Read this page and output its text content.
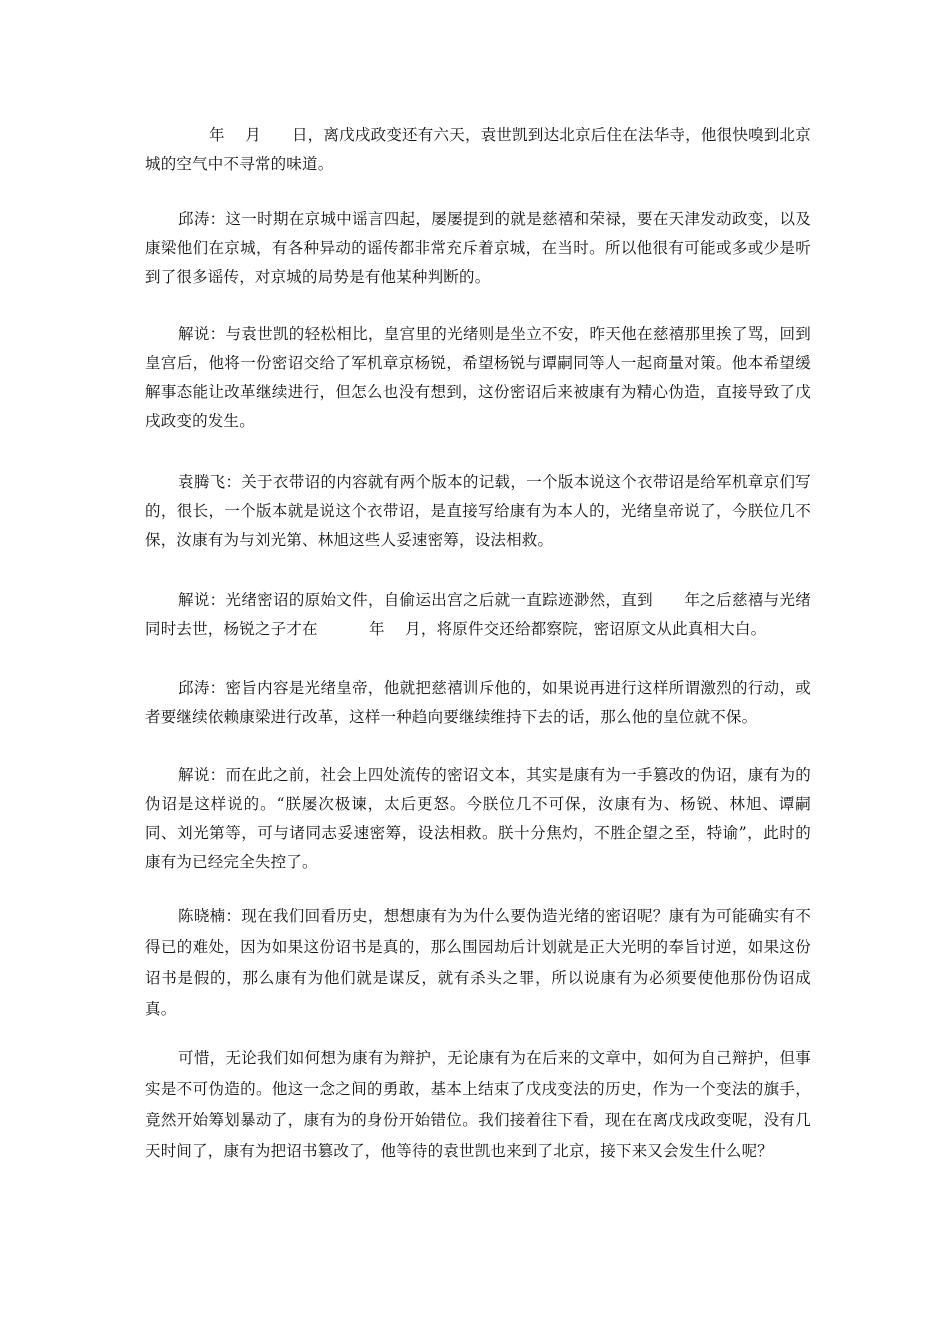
年    月      日，离戊戌政变还有六天，袁世凯到达北京后住在法华寺，他很快嗅到北京城的空气中不寻常的味道。

邱涛：这一时期在京城中谣言四起，屡屡提到的就是慈禧和荣禄，要在天津发动政变，以及康梁他们在京城，有各种异动的谣传都非常充斥着京城，在当时。所以他很有可能或多或少是听到了很多谣传，对京城的局势是有他某种判断的。

解说：与袁世凯的轻松相比，皇宫里的光绪则是坐立不安，昨天他在慈禧那里挨了骂，回到皇宫后，他将一份密诏交给了军机章京杨锐，希望杨锐与谭嗣同等人一起商量对策。他本希望缓解事态能让改革继续进行，但怎么也没有想到，这份密诏后来被康有为精心伪造，直接导致了戊戌政变的发生。

袁腾飞：关于衣带诏的内容就有两个版本的记载，一个版本说这个衣带诏是给军机章京们写的，很长，一个版本就是说这个衣带诏，是直接写给康有为本人的，光绪皇帝说了，今朕位几不保，汝康有为与刘光第、林旭这些人妥速密筹，设法相救。

解说：光绪密诏的原始文件，自偷运出宫之后就一直踪迹渺然，直到      年之后慈禧与光绪同时去世，杨锐之子才在          年    月，将原件交还给都察院，密诏原文从此真相大白。

邱涛：密旨内容是光绪皇帝，他就把慈禧训斥他的，如果说再进行这样所谓激烈的行动，或者要继续依赖康梁进行改革，这样一种趋向要继续维持下去的话，那么他的皇位就不保。

解说：而在此之前，社会上四处流传的密诏文本，其实是康有为一手篡改的伪诏，康有为的伪诏是这样说的。“朕屡次极谏，太后更怒。今朕位几不可保，汝康有为、杨锐、林旭、谭嗣同、刘光第等，可与诸同志妥速密筹，设法相救。朕十分焦灼，不胜企望之至，特谕”，此时的康有为已经完全失控了。

陈晓楠：现在我们回看历史，想想康有为为什么要伪造光绪的密诏呢？康有为可能确实有不得已的难处，因为如果这份诏书是真的，那么围园劫后计划就是正大光明的奉旨讨逆，如果这份诏书是假的，那么康有为他们就是谋反，就有杀头之罪，所以说康有为必须要使他那份伪诏成真。

可惜，无论我们如何想为康有为辩护，无论康有为在后来的文章中，如何为自己辩护，但事实是不可伪造的。他这一念之间的勇敢，基本上结束了戊戌变法的历史，作为一个变法的旗手，竟然开始筹划暴动了，康有为的身份开始错位。我们接着往下看，现在在离戊戌政变呢，没有几天时间了，康有为把诏书篡改了，他等待的袁世凯也来到了北京，接下来又会发生什么呢？
